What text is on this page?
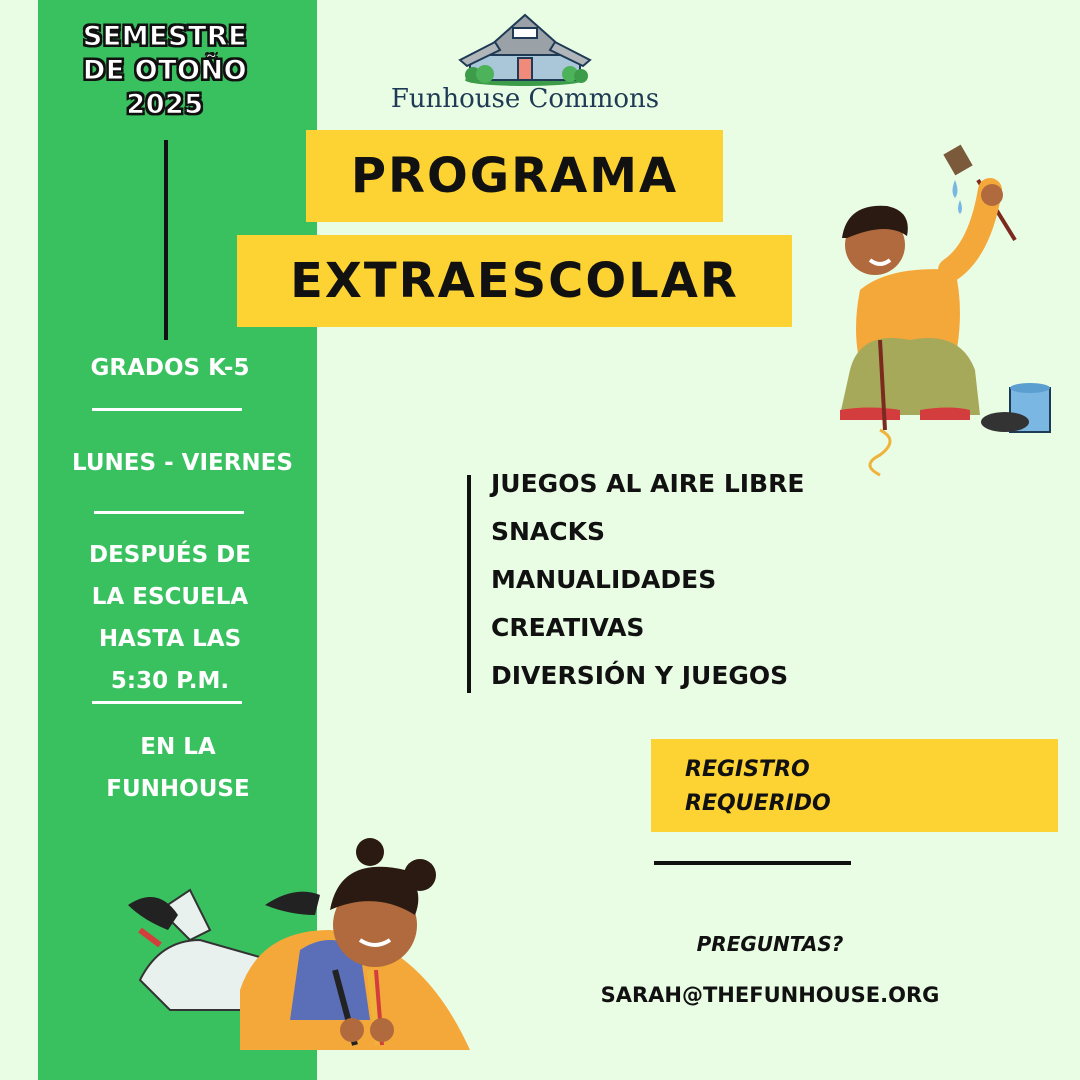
SEMESTRE
DE OTOÑO
2025
GRADOS K-5
LUNES - VIERNES
DESPUÉS DE
LA ESCUELA
HASTA LAS
5:30 P.M.
EN LA
FUNHOUSE
Funhouse Commons
PROGRAMA
EXTRAESCOLAR
JUEGOS AL AIRE LIBRE
SNACKS
MANUALIDADES
CREATIVAS
DIVERSIÓN Y JUEGOS
REGISTRO
REQUERIDO
PREGUNTAS?
SARAH@THEFUNHOUSE.ORG
